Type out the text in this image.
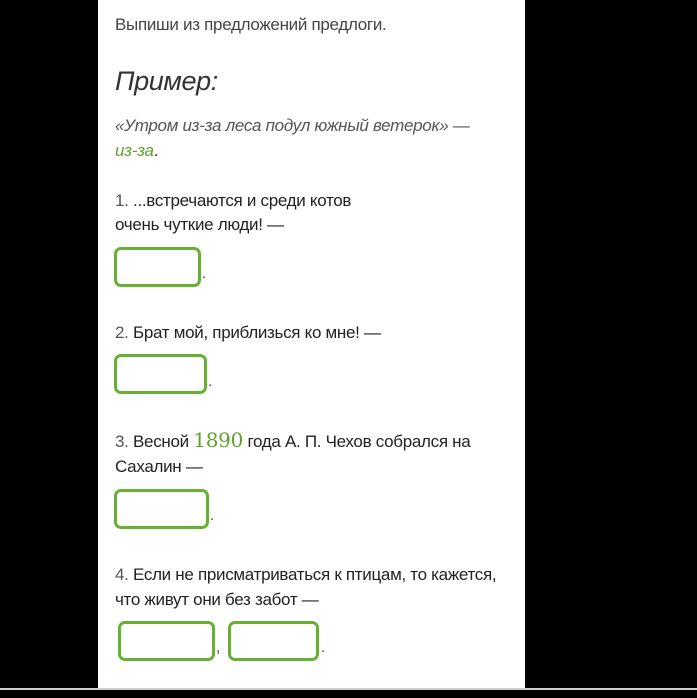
Выпиши из предложений предлоги.
Пример:
«Утром из-за леса подул южный ветерок» —
из-за.
1. ...встречаются и среди котов
очень чуткие люди! —
.
2. Брат мой, приблизься ко мне! —
.
3. Весной 1890 года А. П. Чехов собрался на
Сахалин —
.
4. Если не присматриваться к птицам, то кажется,
что живут они без забот —
,	.
